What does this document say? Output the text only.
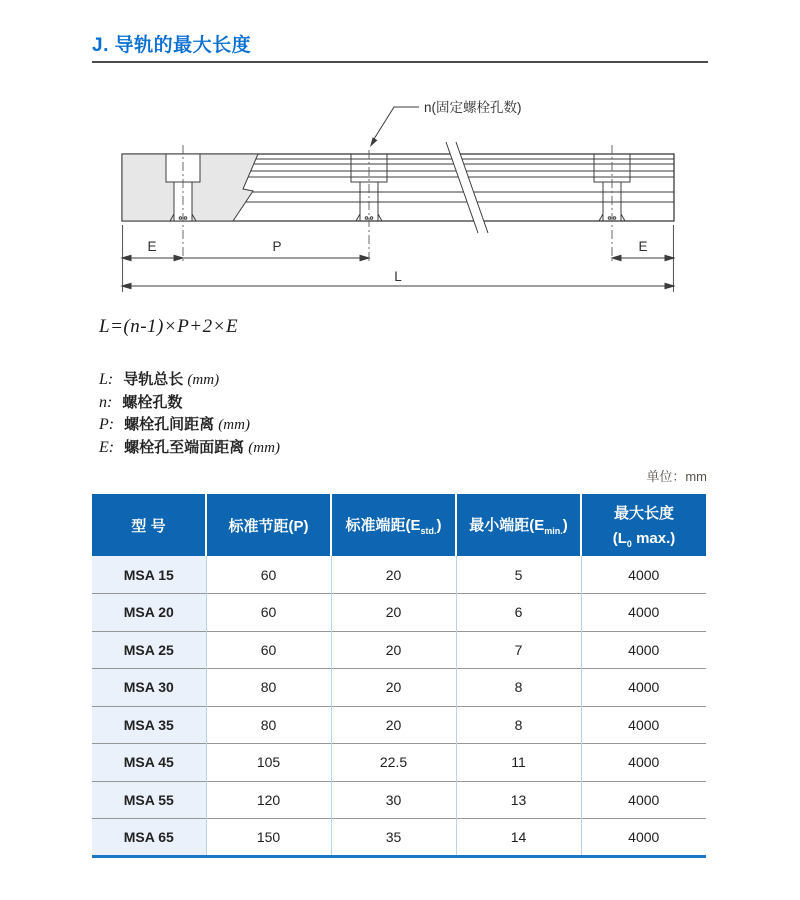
J. 导轨的最大长度
E	P	E
L
n(固定螺栓孔数)
L=(n-1)×P+2×E
L: 导轨总长 (mm)
n: 螺栓孔数
P: 螺栓孔间距离 (mm)
E: 螺栓孔至端面距离 (mm)
单位：mm
型 号	标准节距(P)	标准端距$(E_{std.})$	最小端距$(E_{min.})$	最大长度
($L_0$ max.)

MSA 15	60	20	5	4000
MSA 20	60	20	6	4000
MSA 25	60	20	7	4000
MSA 30	80	20	8	4000
MSA 35	80	20	8	4000
MSA 45	105	22.5	11	4000
MSA 55	120	30	13	4000
MSA 65	150	35	14	4000
